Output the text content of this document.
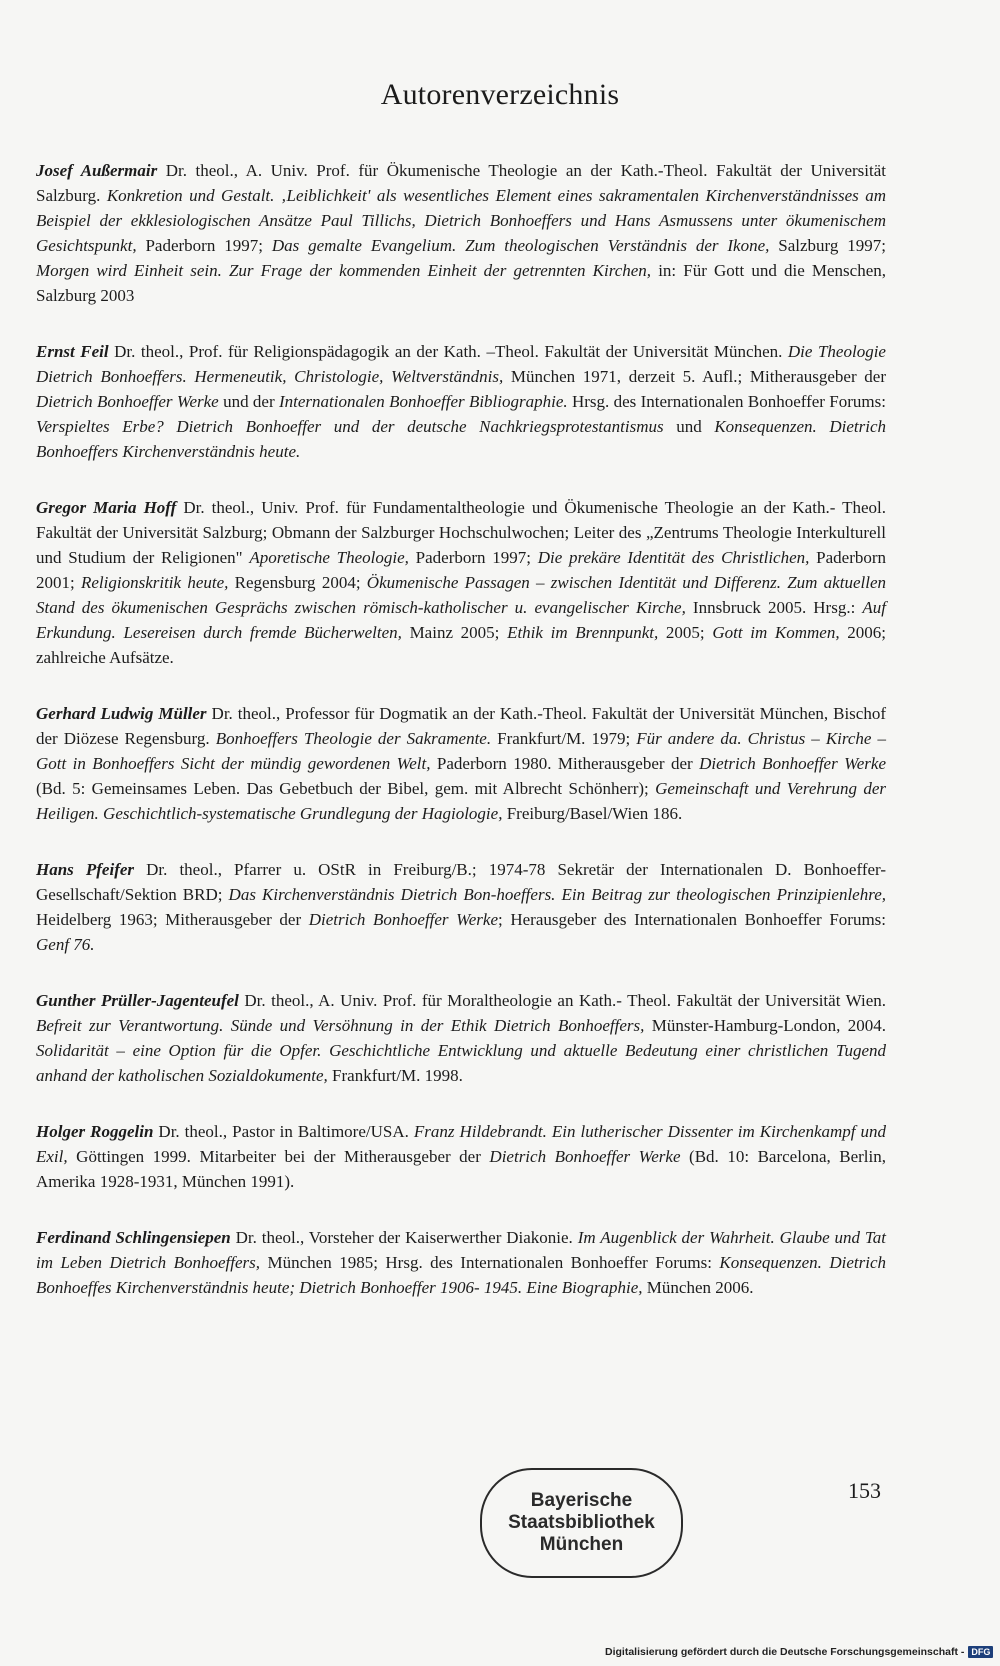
Autorenverzeichnis

Josef Außermair Dr. theol., A. Univ. Prof. für Ökumenische Theologie an der Kath.-Theol. Fakultät der Universität Salzburg. Konkretion und Gestalt. ‚Leiblichkeit' als wesentliches Element eines sakramentalen Kirchenverständnisses am Beispiel der ekklesiologischen Ansätze Paul Tillichs, Dietrich Bonhoeffers und Hans Asmussens unter ökumenischem Gesichtspunkt, Paderborn 1997; Das gemalte Evangelium. Zum theologischen Verständnis der Ikone, Salzburg 1997; Morgen wird Einheit sein. Zur Frage der kommenden Einheit der getrennten Kirchen, in: Für Gott und die Menschen, Salzburg 2003

Ernst Feil Dr. theol., Prof. für Religionspädagogik an der Kath. –Theol. Fakultät der Universität München. Die Theologie Dietrich Bonhoeffers. Hermeneutik, Christologie, Weltverständnis, München 1971, derzeit 5. Aufl.; Mitherausgeber der Dietrich Bonhoeffer Werke und der Internationalen Bonhoeffer Bibliographie. Hrsg. des Internationalen Bonhoeffer Forums: Verspieltes Erbe? Dietrich Bonhoeffer und der deutsche Nachkriegsprotestantismus und Konsequenzen. Dietrich Bonhoeffers Kirchenverständnis heute.

Gregor Maria Hoff Dr. theol., Univ. Prof. für Fundamentaltheologie und Ökumenische Theologie an der Kath.- Theol. Fakultät der Universität Salzburg; Obmann der Salzburger Hochschulwochen; Leiter des „Zentrums Theologie Interkulturell und Studium der Religionen" Aporetische Theologie, Paderborn 1997; Die prekäre Identität des Christlichen, Paderborn 2001; Religionskritik heute, Regensburg 2004; Ökumenische Passagen – zwischen Identität und Differenz. Zum aktuellen Stand des ökumenischen Gesprächs zwischen römisch-katholischer u. evangelischer Kirche, Innsbruck 2005. Hrsg.: Auf Erkundung. Lesereisen durch fremde Bücherwelten, Mainz 2005; Ethik im Brennpunkt, 2005; Gott im Kommen, 2006; zahlreiche Aufsätze.

Gerhard Ludwig Müller Dr. theol., Professor für Dogmatik an der Kath.-Theol. Fakultät der Universität München, Bischof der Diözese Regensburg. Bonhoeffers Theologie der Sakramente. Frankfurt/M. 1979; Für andere da. Christus – Kirche – Gott in Bonhoeffers Sicht der mündig gewordenen Welt, Paderborn 1980. Mitherausgeber der Dietrich Bonhoeffer Werke (Bd. 5: Gemeinsames Leben. Das Gebetbuch der Bibel, gem. mit Albrecht Schönherr); Gemeinschaft und Verehrung der Heiligen. Geschichtlich-systematische Grundlegung der Hagiologie, Freiburg/Basel/Wien 186.

Hans Pfeifer Dr. theol., Pfarrer u. OStR in Freiburg/B.; 1974-78 Sekretär der Internationalen D. Bonhoeffer-Gesellschaft/Sektion BRD; Das Kirchenverständnis Dietrich Bon-hoeffers. Ein Beitrag zur theologischen Prinzipienlehre, Heidelberg 1963; Mitherausgeber der Dietrich Bonhoeffer Werke; Herausgeber des Internationalen Bonhoeffer Forums: Genf 76.

Gunther Prüller-Jagenteufel Dr. theol., A. Univ. Prof. für Moraltheologie an Kath.- Theol. Fakultät der Universität Wien. Befreit zur Verantwortung. Sünde und Versöhnung in der Ethik Dietrich Bonhoeffers, Münster-Hamburg-London, 2004. Solidarität – eine Option für die Opfer. Geschichtliche Entwicklung und aktuelle Bedeutung einer christlichen Tugend anhand der katholischen Sozialdokumente, Frankfurt/M. 1998.

Holger Roggelin Dr. theol., Pastor in Baltimore/USA. Franz Hildebrandt. Ein lutherischer Dissenter im Kirchenkampf und Exil, Göttingen 1999. Mitarbeiter bei der Mitherausgeber der Dietrich Bonhoeffer Werke (Bd. 10: Barcelona, Berlin, Amerika 1928-1931, München 1991).

Ferdinand Schlingensiepen Dr. theol., Vorsteher der Kaiserwerther Diakonie. Im Augenblick der Wahrheit. Glaube und Tat im Leben Dietrich Bonhoeffers, München 1985; Hrsg. des Internationalen Bonhoeffer Forums: Konsequenzen. Dietrich Bonhoeffes Kirchenverständnis heute; Dietrich Bonhoeffer 1906- 1945. Eine Biographie, München 2006.

Bayerische
Staatsbibliothek
München
153
Digitalisierung gefördert durch die Deutsche Forschungsgemeinschaft - DFG
